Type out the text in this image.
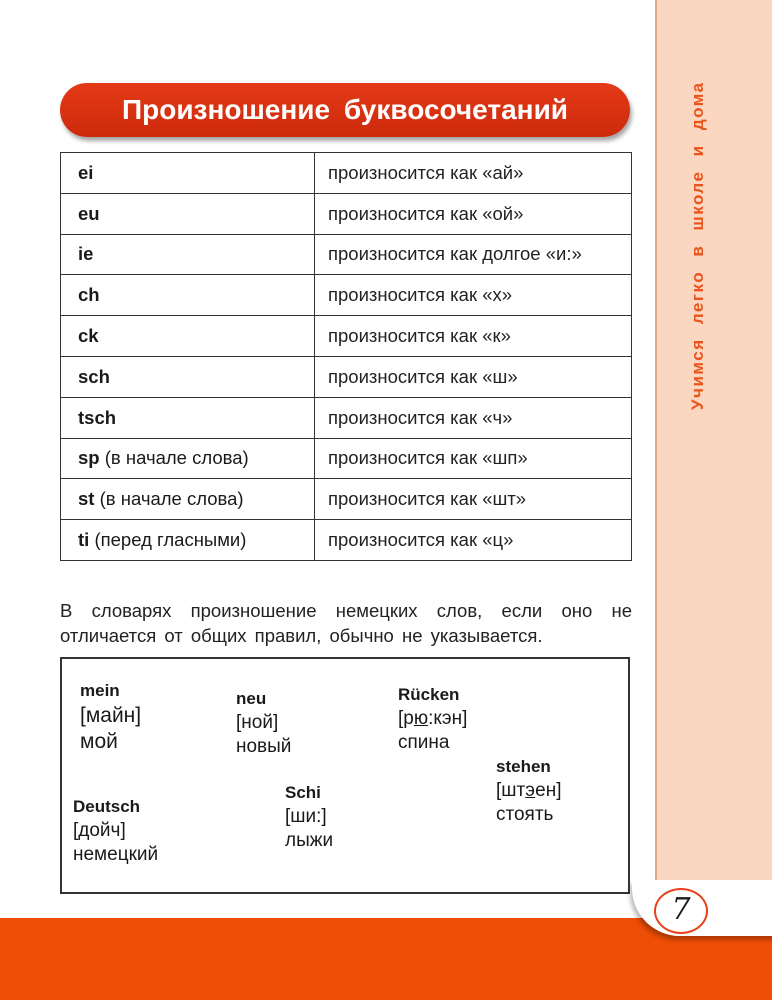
Учимся легко в школе и дома
7
Произношение буквосочетаний
ei	произносится как «ай»
eu	произносится как «ой»
ie	произносится как долгое «и:»
ch	произносится как «х»
ck	произносится как «к»
sch	произносится как «ш»
tsch	произносится как «ч»
sp (в начале слова)	произносится как «шп»
st (в начале слова)	произносится как «шт»
ti (перед гласными)	произносится как «ц»
В словарях произношение немецких слов, если оно не отличается от общих правил, обычно не указывается.
mein
[майн]
мой
neu
[ной]
новый
Rücken
[рю:кэн]
спина
stehen
[штэен]
стоять
Deutsch
[дойч]
немецкий
Schi
[ши:]
лыжи
